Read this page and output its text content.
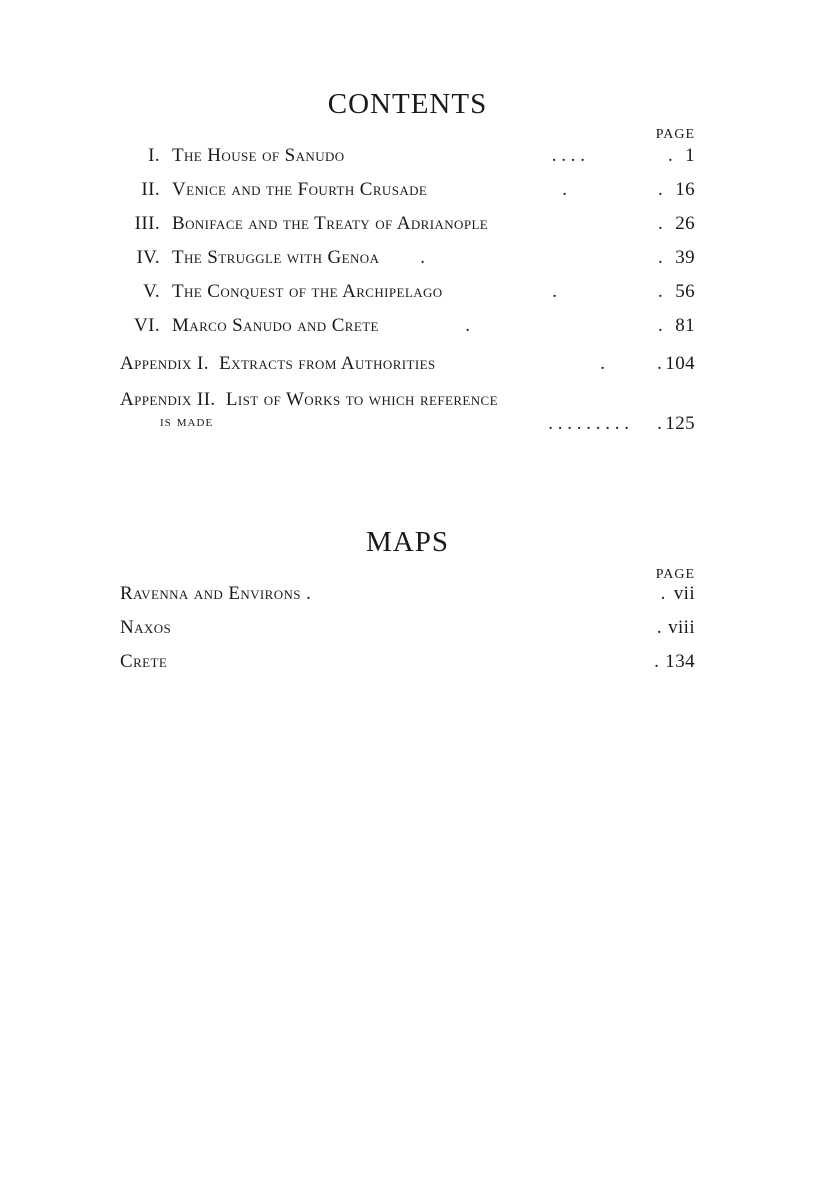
CONTENTS
PAGE
I. The House of Sanudo	. 1
. . . .
II. Venice and the Fourth Crusade	.	. 16
III. Boniface and the Treaty of Adrianople	. 26
IV. The Struggle with Genoa	.	. 39
V. The Conquest of the Archipelago	.	. 56
VI. Marco Sanudo and Crete	.	. 81
Appendix I. Extracts from Authorities	.	. 104
Appendix II. List of Works to which reference
is made	. . . . . . . . .	. 125
MAPS
PAGE
Ravenna and Environs .	. vii
Naxos	. viii
Crete	. 134
